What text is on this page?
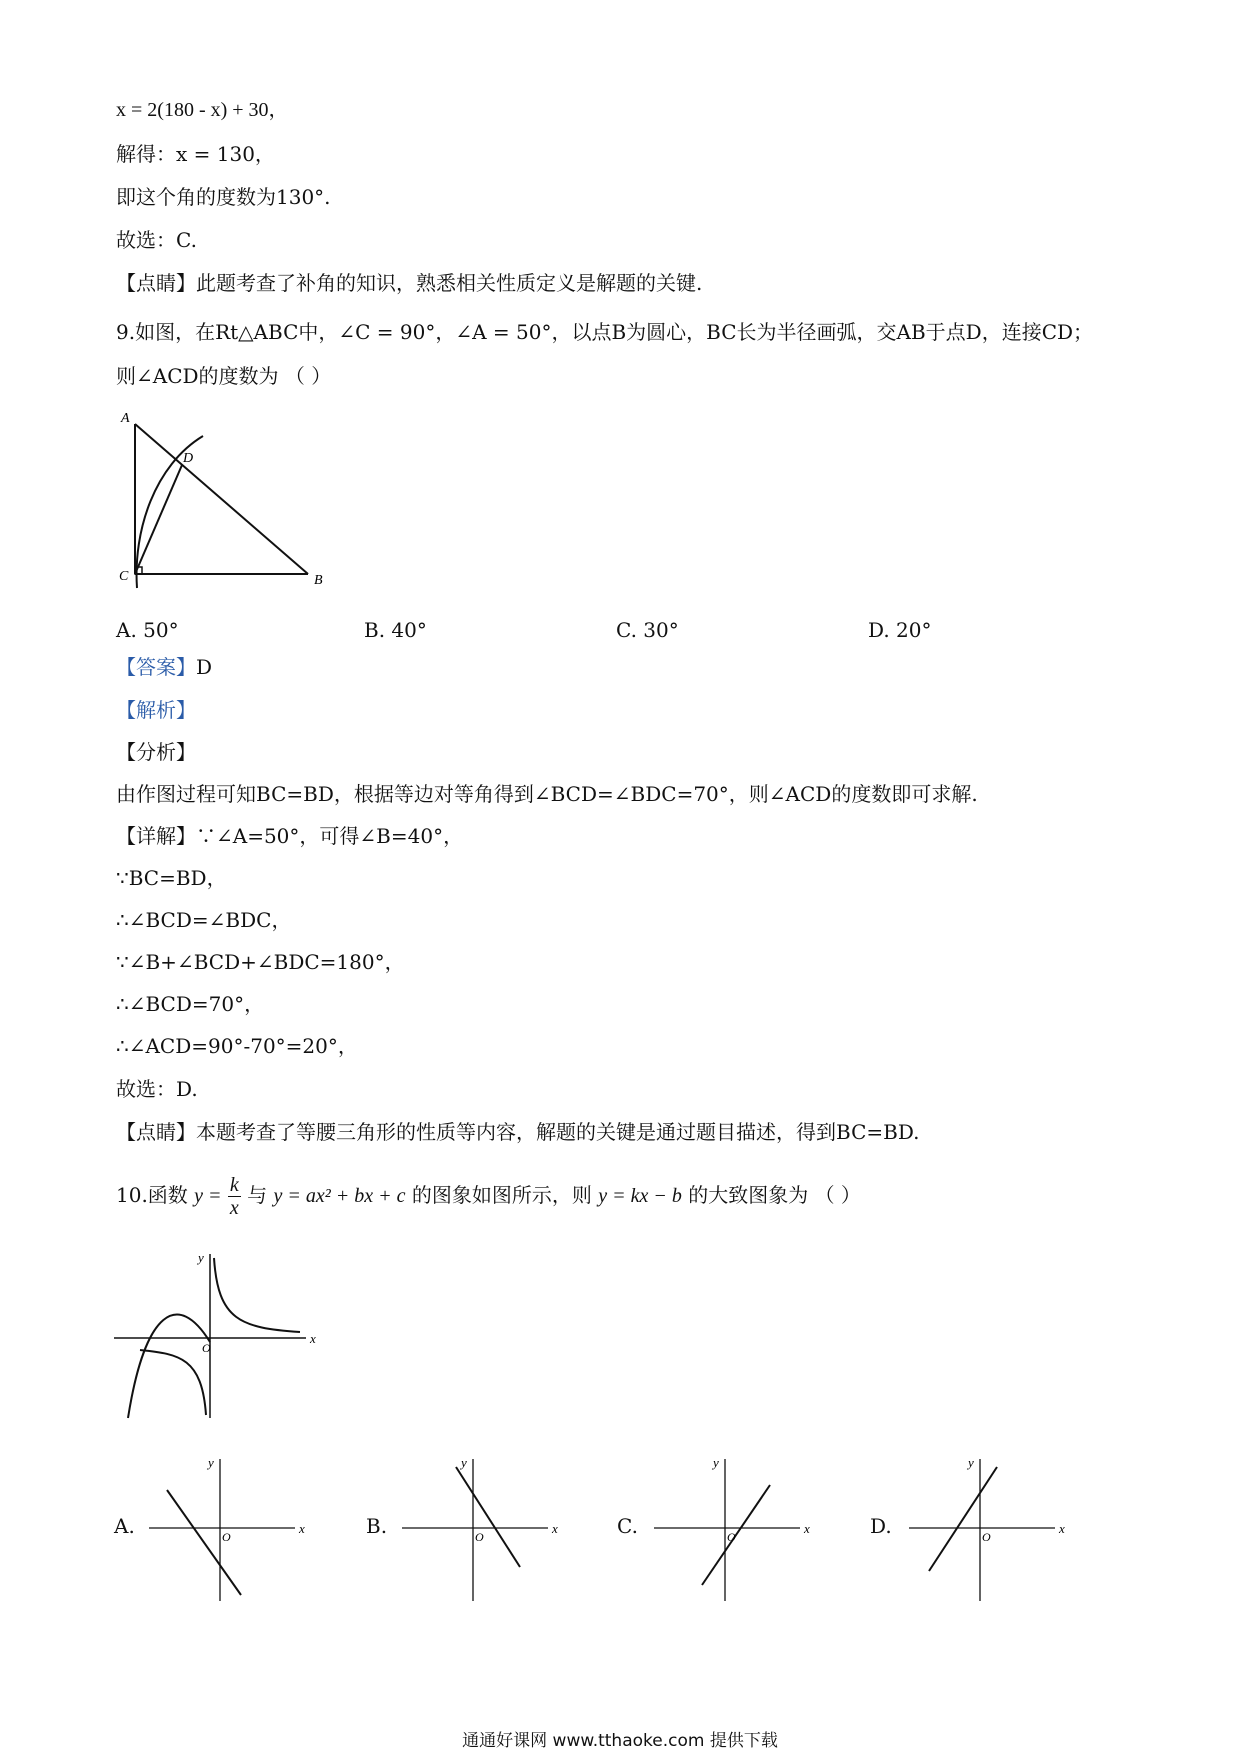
x = 2(180 - x) + 30，
解得：x = 130，
即这个角的度数为130°.
故选：C.
【点睛】此题考查了补角的知识，熟悉相关性质定义是解题的关键.
9.如图，在Rt△ABC中，∠C = 90°，∠A = 50°，以点B为圆心，BC长为半径画弧，交AB于点D，连接CD；
则∠ACD的度数为 （ ）
A
D
C	B
A. 50°	B. 40°	C. 30°	D. 20°
【答案】D
【解析】
【分析】
由作图过程可知BC=BD，根据等边对等角得到∠BCD=∠BDC=70°，则∠ACD的度数即可求解.
【详解】∵∠A=50°，可得∠B=40°，
∵BC=BD，
∴∠BCD=∠BDC，
∵∠B+∠BCD+∠BDC=180°，
∴∠BCD=70°，
∴∠ACD=90°-70°=20°，
故选：D.
【点睛】本题考查了等腰三角形的性质等内容，解题的关键是通过题目描述，得到BC=BD.
10.函数 $y = \frac{k}{x}$ 与 y = ax² + bx + c 的图象如图所示，则 y = kx − b 的大致图象为 （ ）
y
x
O
A.
y
x
O	B.
y
x
O	C.
y
x
O	D.
y
x
O
通通好课网 www.tthaoke.com 提供下载
